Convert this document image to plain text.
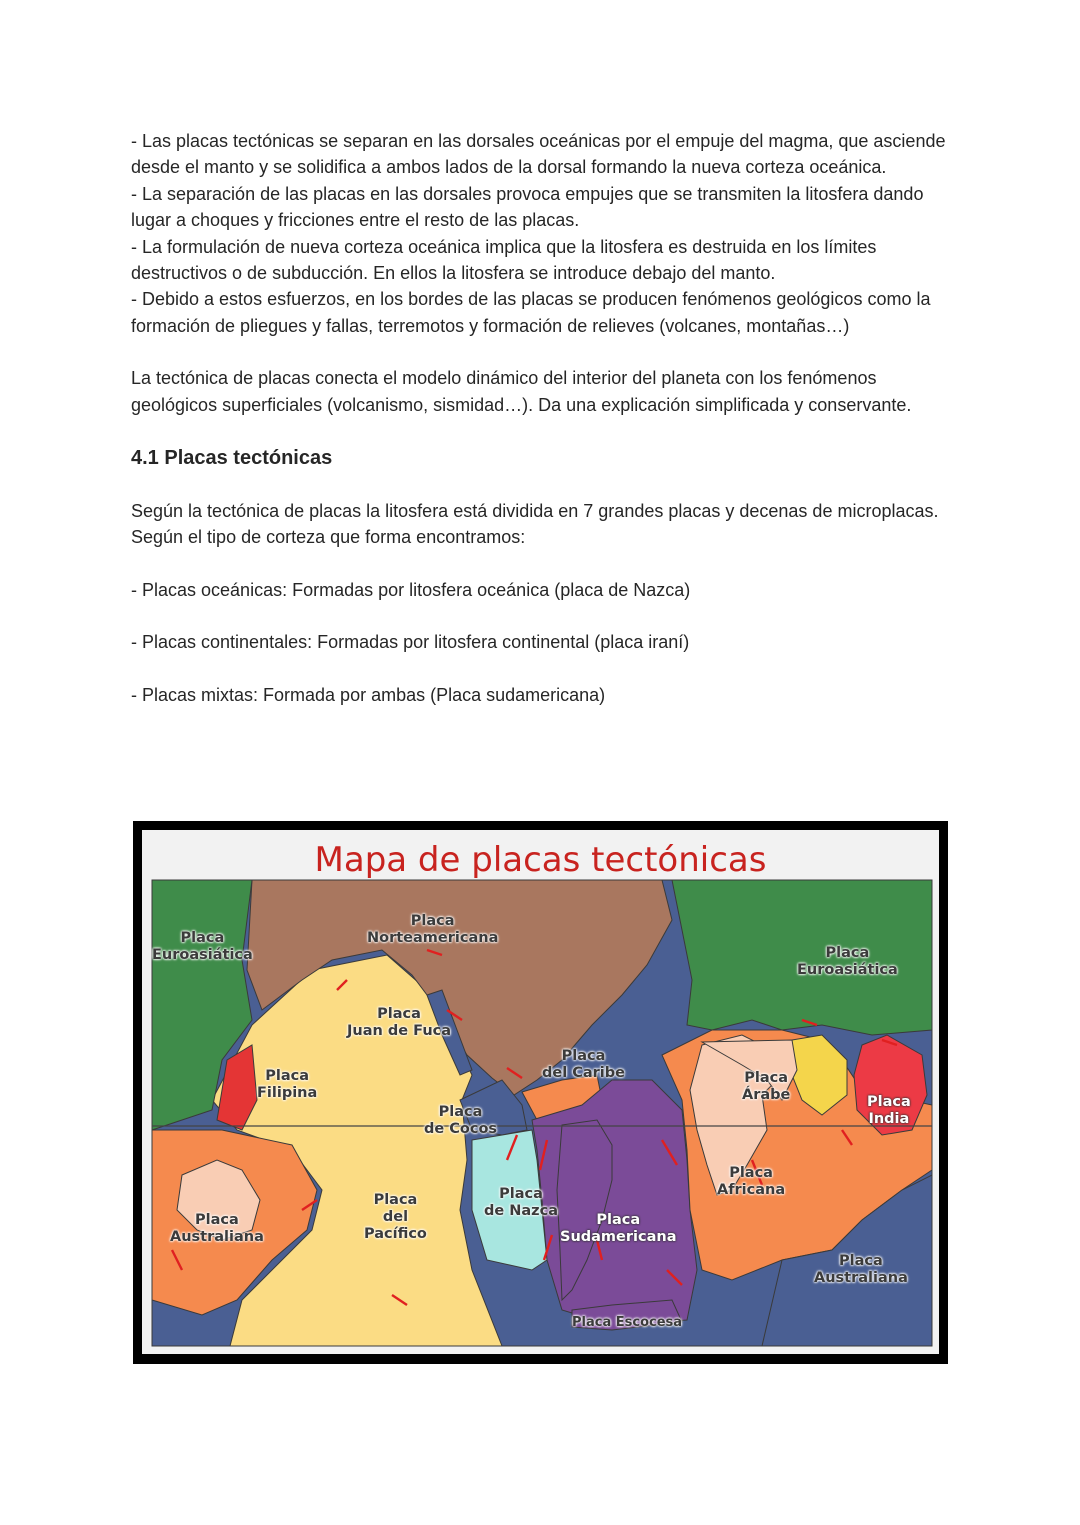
- Las placas tectónicas se separan en las dorsales oceánicas por el empuje del magma, que asciende desde el manto y se solidifica a ambos lados de la dorsal formando la nueva corteza oceánica.

- La separación de las placas en las dorsales provoca empujes que se transmiten la litosfera dando lugar a choques y fricciones entre el resto de las placas.

- La formulación de nueva corteza oceánica implica que la litosfera es destruida en los límites destructivos o de subducción. En ellos la litosfera se introduce debajo del manto.

- Debido a estos esfuerzos, en los bordes de las placas se producen fenómenos geológicos como la formación de pliegues y fallas, terremotos y formación de relieves (volcanes, montañas…)

La tectónica de placas conecta el modelo dinámico del interior del planeta con los fenómenos geológicos superficiales (volcanismo, sismidad…). Da una explicación simplificada y conservante.

4.1 Placas tectónicas

Según la tectónica de placas la litosfera está dividida en 7 grandes placas y decenas de microplacas. Según el tipo de corteza que forma encontramos:

- Placas oceánicas: Formadas por litosfera oceánica (placa de Nazca)

- Placas continentales: Formadas por litosfera continental (placa iraní)

- Placas mixtas: Formada por ambas (Placa sudamericana)

Mapa de placas tectónicas
Placa
Euroasiática
Placa
Norteamericana
Placa
Euroasiática
Placa
Juan de Fuca
Placa
del Caribe
Placa
Filipina
Placa
de Cocos
Placa
Árabe	Placa
India
Placa
Africana
Placa
de Nazca
Placa
del
Pacífico
Placa
Australiana
Placa
Sudamericana
Placa
Australiana
Placa Escocesa
